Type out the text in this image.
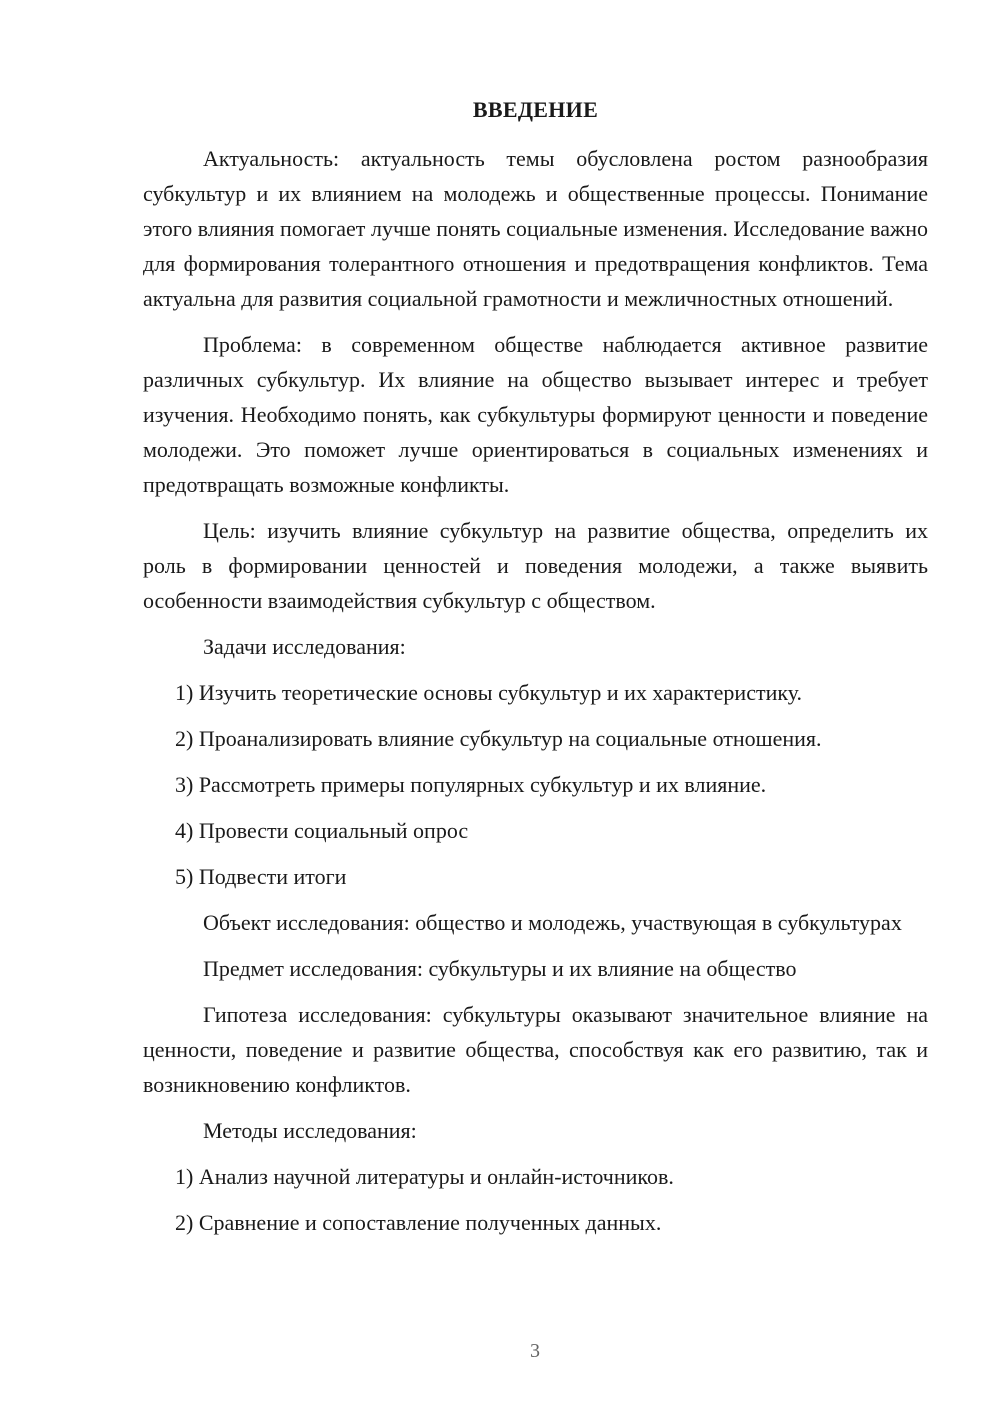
ВВЕДЕНИЕ

Актуальность: актуальность темы обусловлена ростом разнообразия субкультур и их влиянием на молодежь и общественные процессы. Понимание этого влияния помогает лучше понять социальные изменения. Исследование важно для формирования толерантного отношения и предотвращения конфликтов. Тема актуальна для развития социальной грамотности и межличностных отношений.

Проблема: в современном обществе наблюдается активное развитие различных субкультур. Их влияние на общество вызывает интерес и требует изучения. Необходимо понять, как субкультуры формируют ценности и поведение молодежи. Это поможет лучше ориентироваться в социальных изменениях и предотвращать возможные конфликты.

Цель: изучить влияние субкультур на развитие общества, определить их роль в формировании ценностей и поведения молодежи, а также выявить особенности взаимодействия субкультур с обществом.

Задачи исследования:

1) Изучить теоретические основы субкультур и их характеристику.

2) Проанализировать влияние субкультур на социальные отношения.

3) Рассмотреть примеры популярных субкультур и их влияние.

4) Провести социальный опрос

5) Подвести итоги

Объект исследования: общество и молодежь, участвующая в субкультурах

Предмет исследования: субкультуры и их влияние на общество

Гипотеза исследования: субкультуры оказывают значительное влияние на ценности, поведение и развитие общества, способствуя как его развитию, так и возникновению конфликтов.

Методы исследования:

1) Анализ научной литературы и онлайн-источников.

2) Сравнение и сопоставление полученных данных.

3
